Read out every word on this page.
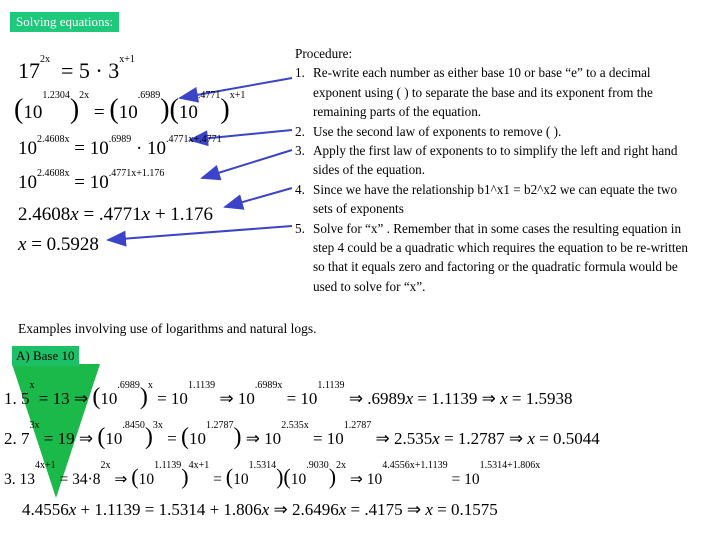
Solving equations:
$17^{2x} = 5 \cdot 3^{x+1}$
$(10^{1.2304})^{2x} = (10^{.6989})(10^{.4771})^{x+1}$
$10^{2.4608x} = 10^{.6989} \cdot 10^{.4771x+.4771}$
$10^{2.4608x} = 10^{.4771x+1.176}$
2.4608x = .4771x + 1.176
x = 0.5928
Procedure:
1. Re-write each number as either base 10 or base “e” to a decimal exponent using ( ) to separate the base and its exponent from the remaining parts of the equation.
2. Use the second law of exponents to remove ( ).
3. Apply the first law of exponents to to simplify the left and right hand sides of the equation.
4. Since we have the relationship b1^x1 = b2^x2 we can equate the two sets of exponents
5. Solve for “x” . Remember that in some cases the resulting equation in step 4 could be a quadratic which requires the equation to be re-written so that it equals zero and factoring or the quadratic formula would be used to solve for “x”.
Examples involving use of logarithms and natural logs.
A) Base 10
1. $5^x = 13$ ⇒ $(10^{.6989})^x = 10^{1.1139}$ ⇒ $10^{.6989x} = 10^{1.1139}$ ⇒ .6989x = 1.1139 ⇒ x = 1.5938
2. $7^{3x} = 19$ ⇒ $(10^{.8450})^{3x} = (10^{1.2787})$ ⇒ $10^{2.535x} = 10^{1.2787}$ ⇒ 2.535x = 1.2787 ⇒ x = 0.5044
3. $13^{4x+1} = 34\cdot 8^{2x}$ ⇒ $(10^{1.1139})^{4x+1} = (10^{1.5314})(10^{.9030})^{2x}$ ⇒ $10^{4.4556x+1.1139} = 10^{1.5314+1.806x}$
4.4556x + 1.1139 = 1.5314 + 1.806x ⇒ 2.6496x = .4175 ⇒ x = 0.1575
